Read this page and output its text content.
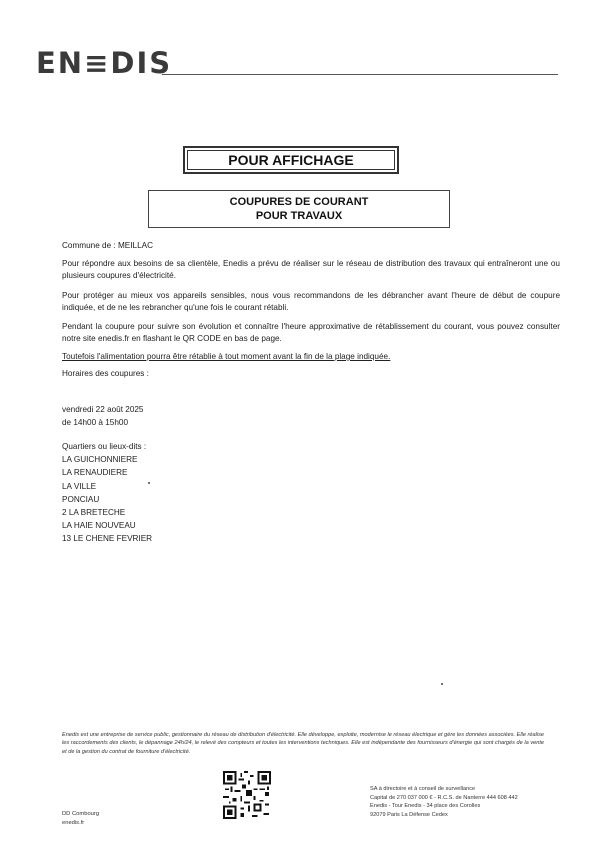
EN≡DIS
POUR AFFICHAGE
COUPURES DE COURANT
POUR TRAVAUX
Commune de : MEILLAC
Pour répondre aux besoins de sa clientèle, Enedis a prévu de réaliser sur le réseau de distribution des travaux qui entraîneront une ou plusieurs coupures d'électricité.
Pour protéger au mieux vos appareils sensibles, nous vous recommandons de les débrancher avant l'heure de début de coupure indiquée, et de ne les rebrancher qu'une fois le courant rétabli.
Pendant la coupure pour suivre son évolution et connaître l'heure approximative de rétablissement du courant, vous pouvez consulter notre site enedis.fr en flashant le QR CODE en bas de page.
Toutefois l'alimentation pourra être rétablie à tout moment avant la fin de la plage indiquée.
Horaires des coupures :
vendredi 22 août 2025
de 14h00 à 15h00
Quartiers ou lieux-dits :
LA GUICHONNIERE
LA RENAUDIERE
LA VILLE
PONCIAU
2 LA BRETECHE
LA HAIE NOUVEAU
13 LE CHENE FEVRIER
Enedis est une entreprise de service public, gestionnaire du réseau de distribution d'électricité. Elle développe, exploite, modernise le réseau électrique et gère les données associées. Elle réalise les raccordements des clients, le dépannage 24h/24, le relevé des compteurs et toutes les interventions techniques. Elle est indépendante des fournisseurs d'énergie qui sont chargés de la vente et de la gestion du contrat de fourniture d'électricité.
DD Combourg
enedis.fr
SA à directoire et à conseil de surveillance
Capital de 270 037 000 € - R.C.S. de Nanterre 444 608 442
Enedis - Tour Enedis - 34 place des Corolles
92079 Paris La Défense Cedex
